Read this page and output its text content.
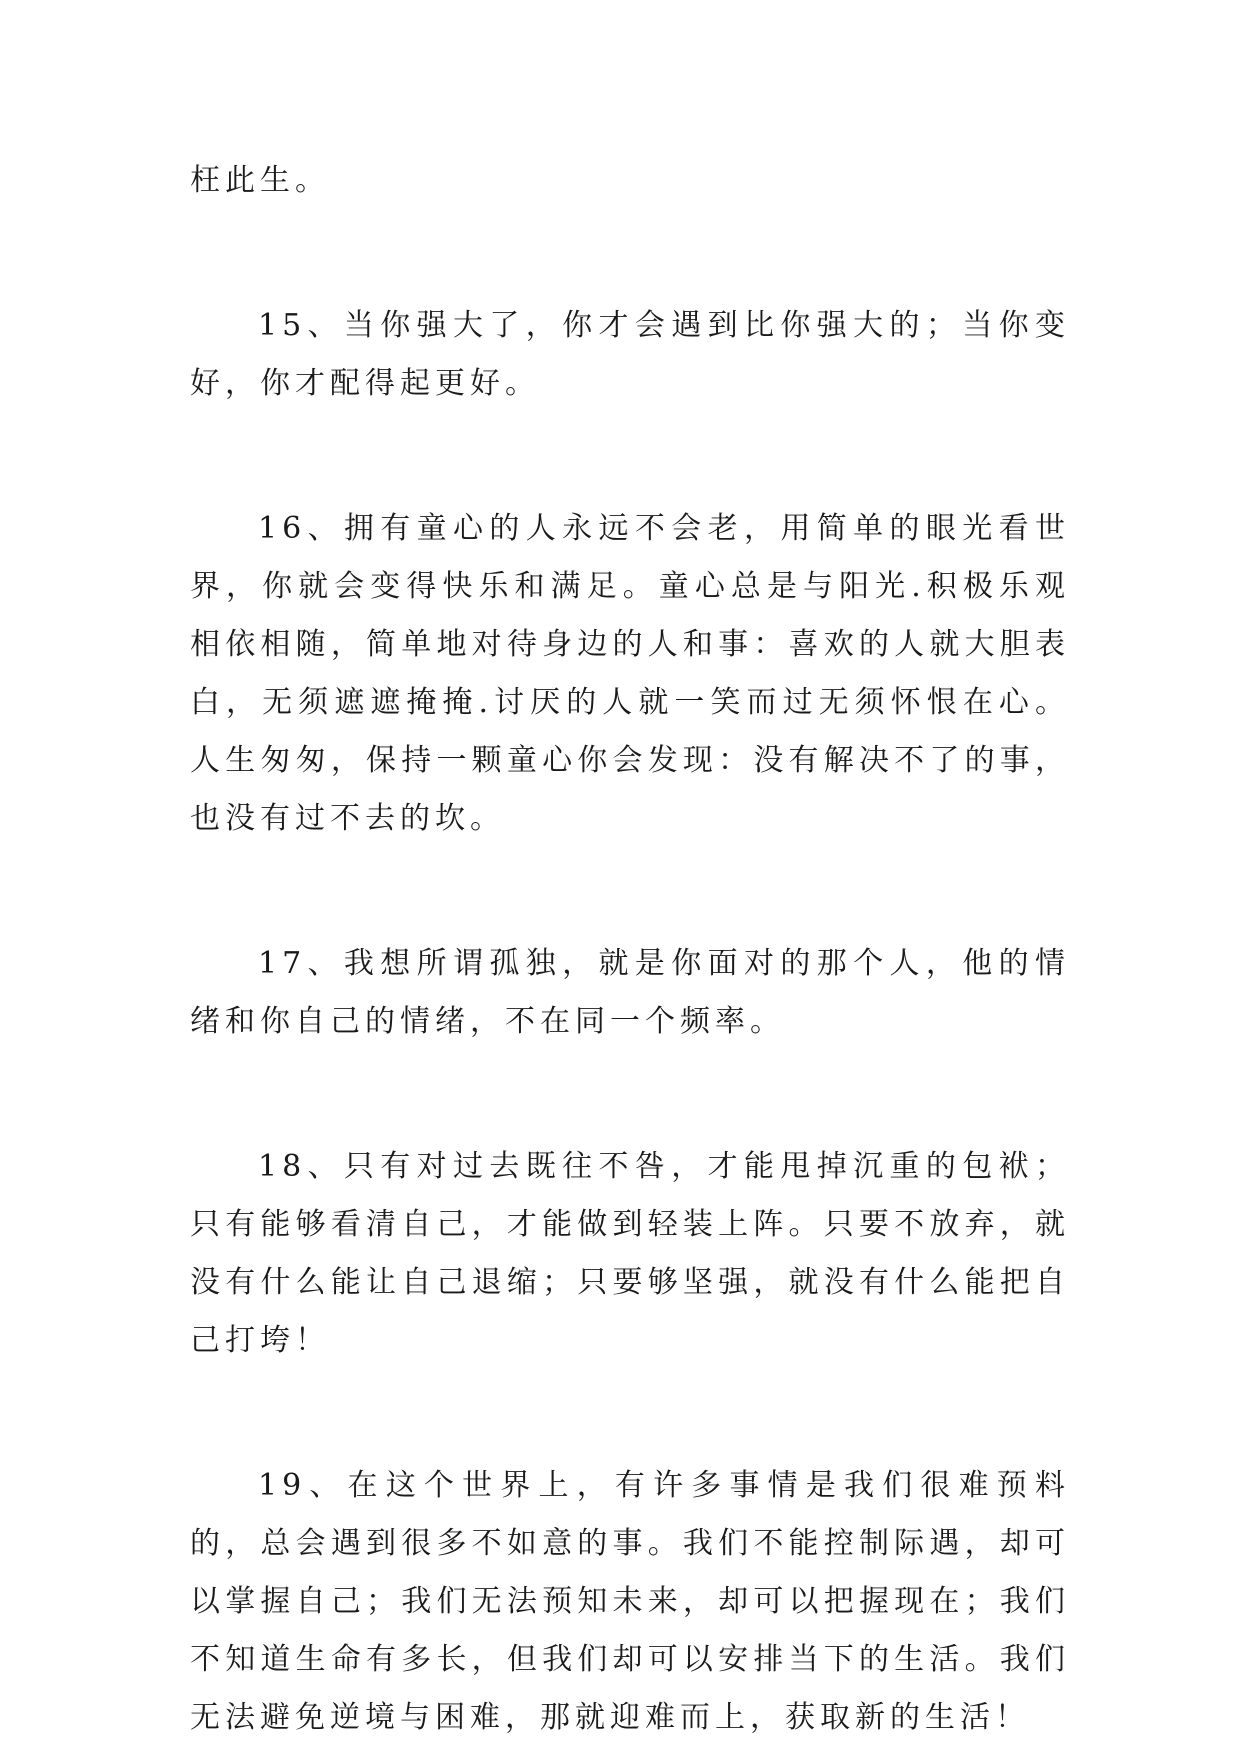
枉此生。

15、当你强大了，你才会遇到比你强大的；当你变好，你才配得起更好。

16、拥有童心的人永远不会老，用简单的眼光看世界，你就会变得快乐和满足。童心总是与阳光.积极乐观相依相随，简单地对待身边的人和事：喜欢的人就大胆表白，无须遮遮掩掩.讨厌的人就一笑而过无须怀恨在心。人生匆匆，保持一颗童心你会发现：没有解决不了的事，也没有过不去的坎。

17、我想所谓孤独，就是你面对的那个人，他的情绪和你自己的情绪，不在同一个频率。

18、只有对过去既往不咎，才能甩掉沉重的包袱；只有能够看清自己，才能做到轻装上阵。只要不放弃，就没有什么能让自己退缩；只要够坚强，就没有什么能把自己打垮！

19、在这个世界上，有许多事情是我们很难预料的，总会遇到很多不如意的事。我们不能控制际遇，却可以掌握自己；我们无法预知未来，却可以把握现在；我们不知道生命有多长，但我们却可以安排当下的生活。我们无法避免逆境与困难，那就迎难而上，获取新的生活！
